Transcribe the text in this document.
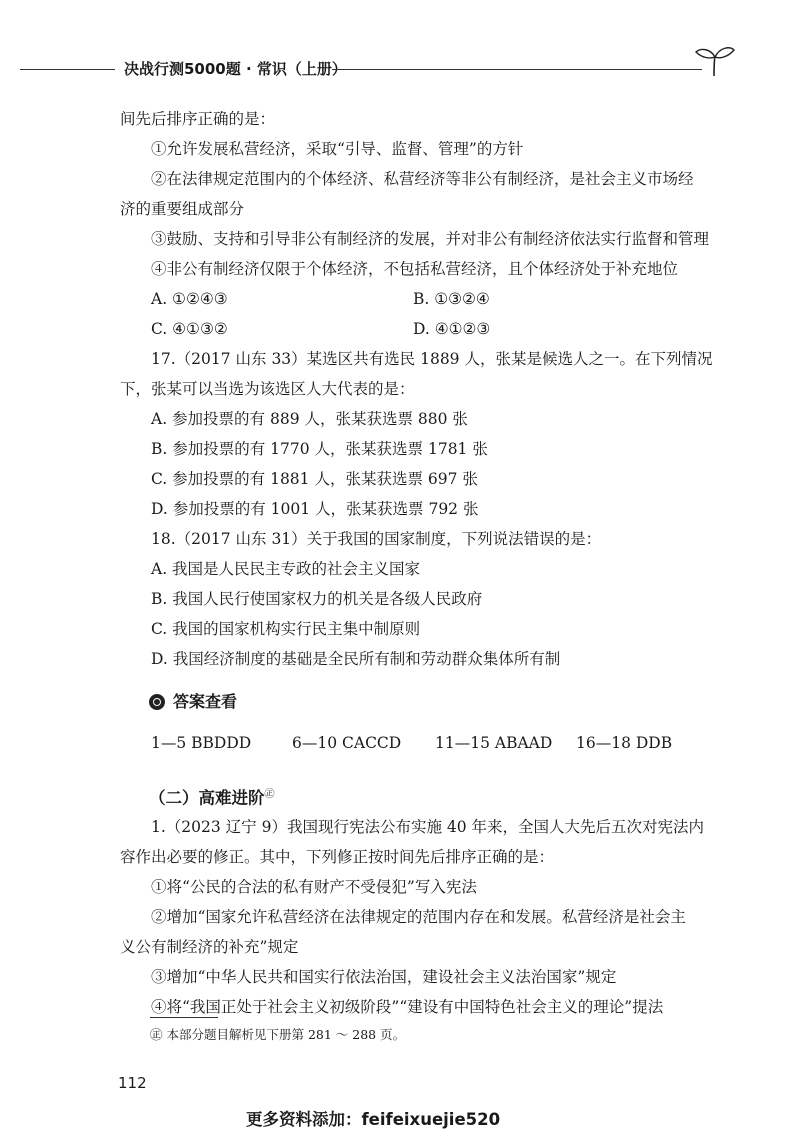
决战行测5000题 · 常识（上册）
间先后排序正确的是：
①允许发展私营经济，采取“引导、监督、管理”的方针
②在法律规定范围内的个体经济、私营经济等非公有制经济，是社会主义市场经
济的重要组成部分
③鼓励、支持和引导非公有制经济的发展，并对非公有制经济依法实行监督和管理
④非公有制经济仅限于个体经济，不包括私营经济，且个体经济处于补充地位
A. ①②④③	B. ①③②④
C. ④①③②	D. ④①②③
17.（2017 山东 33）某选区共有选民 1889 人，张某是候选人之一。在下列情况
下，张某可以当选为该选区人大代表的是：
A. 参加投票的有 889 人，张某获选票 880 张
B. 参加投票的有 1770 人，张某获选票 1781 张
C. 参加投票的有 1881 人，张某获选票 697 张
D. 参加投票的有 1001 人，张某获选票 792 张
18.（2017 山东 31）关于我国的国家制度，下列说法错误的是：
A. 我国是人民民主专政的社会主义国家
B. 我国人民行使国家权力的机关是各级人民政府
C. 我国的国家机构实行民主集中制原则
D. 我国经济制度的基础是全民所有制和劳动群众集体所有制
答案查看
1—5 BBDDD	6—10 CACCD 11—15 ABAAD 16—18 DDB
（二）高难进阶㊣
1.（2023 辽宁 9）我国现行宪法公布实施 40 年来，全国人大先后五次对宪法内
容作出必要的修正。其中，下列修正按时间先后排序正确的是：
①将“公民的合法的私有财产不受侵犯”写入宪法
②增加“国家允许私营经济在法律规定的范围内存在和发展。私营经济是社会主
义公有制经济的补充”规定
③增加“中华人民共和国实行依法治国，建设社会主义法治国家”规定
④将“我国正处于社会主义初级阶段”“建设有中国特色社会主义的理论”提法
㊣ 本部分题目解析见下册第 281 ～ 288 页。
112
更多资料添加：feifeixuejie520
